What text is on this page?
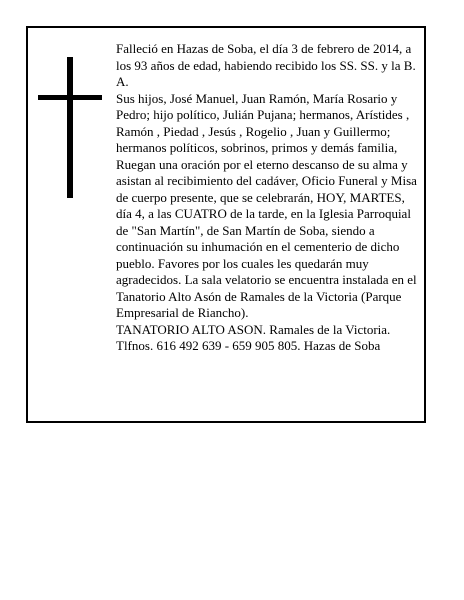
Falleció en Hazas de Soba, el día 3 de febrero de 2014, a los 93 años de edad, habiendo recibido los SS. SS. y la B. A.

Sus hijos, José Manuel, Juan Ramón, María Rosario y Pedro; hijo político, Julián Pujana; hermanos, Arístides , Ramón , Piedad , Jesús , Rogelio , Juan y Guillermo; hermanos políticos, sobrinos, primos y demás familia, Ruegan una oración por el eterno descanso de su alma y asistan al recibimiento del cadáver, Oficio Funeral y Misa de cuerpo presente, que se celebrarán, HOY, MARTES, día 4, a las CUATRO de la tarde, en la Iglesia Parroquial de "San Martín", de San Martín de Soba, siendo a continuación su inhumación en el cementerio de dicho pueblo. Favores por los cuales les quedarán muy agradecidos. La sala velatorio se encuentra instalada en el Tanatorio Alto Asón de Ramales de la Victoria (Parque Empresarial de Riancho).

TANATORIO ALTO ASON. Ramales de la Victoria. Tlfnos. 616 492 639 - 659 905 805. Hazas de Soba
